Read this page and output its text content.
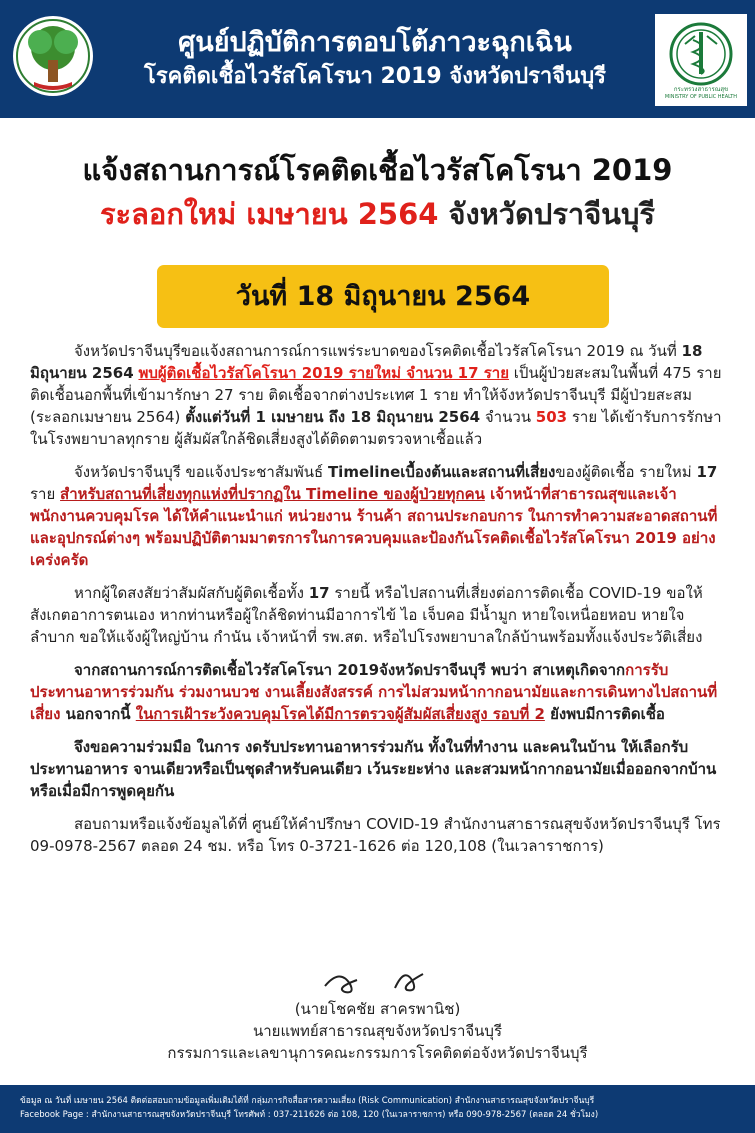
ศูนย์ปฏิบัติการตอบโต้ภาวะฉุกเฉิน
โรคติดเชื้อไวรัสโคโรนา 2019 จังหวัดปราจีนบุรี
กระทรวงสาธารณสุข
MINISTRY OF PUBLIC HEALTH
แจ้งสถานการณ์โรคติดเชื้อไวรัสโคโรนา 2019
ระลอกใหม่ เมษายน 2564 จังหวัดปราจีนบุรี
วันที่ 18 มิถุนายน 2564

จังหวัดปราจีนบุรีขอแจ้งสถานการณ์การแพร่ระบาดของโรคติดเชื้อไวรัสโคโรนา 2019 ณ วันที่ 18 มิถุนายน 2564 พบผู้ติดเชื้อไวรัสโคโรนา 2019 รายใหม่ จำนวน 17 ราย เป็นผู้ป่วยสะสมในพื้นที่ 475 ราย ติดเชื้อนอกพื้นที่เข้ามารักษา 27 ราย ติดเชื้อจากต่างประเทศ 1 ราย ทำให้จังหวัดปราจีนบุรี มีผู้ป่วยสะสม (ระลอกเมษายน 2564) ตั้งแต่วันที่ 1 เมษายน ถึง 18 มิถุนายน 2564 จำนวน 503 ราย ได้เข้ารับการรักษาในโรงพยาบาลทุกราย ผู้สัมผัสใกล้ชิดเสี่ยงสูงได้ติดตามตรวจหาเชื้อแล้ว

จังหวัดปราจีนบุรี ขอแจ้งประชาสัมพันธ์ Timelineเบื้องต้นและสถานที่เสี่ยงของผู้ติดเชื้อ รายใหม่ 17 ราย สำหรับสถานที่เสี่ยงทุกแห่งที่ปรากฏใน Timeline ของผู้ป่วยทุกคน เจ้าหน้าที่สาธารณสุขและเจ้าพนักงานควบคุมโรค ได้ให้คำแนะนำแก่ หน่วยงาน ร้านค้า สถานประกอบการ ในการทำความสะอาดสถานที่และอุปกรณ์ต่างๆ พร้อมปฏิบัติตามมาตรการในการควบคุมและป้องกันโรคติดเชื้อไวรัสโคโรนา 2019 อย่างเคร่งครัด

หากผู้ใดสงสัยว่าสัมผัสกับผู้ติดเชื้อทั้ง 17 รายนี้ หรือไปสถานที่เสี่ยงต่อการติดเชื้อ COVID-19 ขอให้สังเกตอาการตนเอง หากท่านหรือผู้ใกล้ชิดท่านมีอาการไข้ ไอ เจ็บคอ มีน้ำมูก หายใจเหนื่อยหอบ หายใจลำบาก ขอให้แจ้งผู้ใหญ่บ้าน กำนัน เจ้าหน้าที่ รพ.สต. หรือไปโรงพยาบาลใกล้บ้านพร้อมทั้งแจ้งประวัติเสี่ยง

จากสถานการณ์การติดเชื้อไวรัสโคโรนา 2019จังหวัดปราจีนบุรี พบว่า สาเหตุเกิดจากการรับประทานอาหารร่วมกัน ร่วมงานบวช งานเลี้ยงสังสรรค์ การไม่สวมหน้ากากอนามัยและการเดินทางไปสถานที่เสี่ยง นอกจากนี้ ในการเฝ้าระวังควบคุมโรคได้มีการตรวจผู้สัมผัสเสี่ยงสูง รอบที่ 2 ยังพบมีการติดเชื้อ

จึงขอความร่วมมือ ในการ งดรับประทานอาหารร่วมกัน ทั้งในที่ทำงาน และคนในบ้าน ให้เลือกรับประทานอาหาร จานเดียวหรือเป็นชุดสำหรับคนเดียว เว้นระยะห่าง และสวมหน้ากากอนามัยเมื่อออกจากบ้านหรือเมื่อมีการพูดคุยกัน

สอบถามหรือแจ้งข้อมูลได้ที่ ศูนย์ให้คำปรึกษา COVID-19 สำนักงานสาธารณสุขจังหวัดปราจีนบุรี โทร 09-0978-2567 ตลอด 24 ชม. หรือ โทร 0-3721-1626 ต่อ 120,108 (ในเวลาราชการ)

(นายโชคชัย สาครพานิช)
นายแพทย์สาธารณสุขจังหวัดปราจีนบุรี
กรรมการและเลขานุการคณะกรรมการโรคติดต่อจังหวัดปราจีนบุรี
ข้อมูล ณ วันที่ เมษายน 2564 ติดต่อสอบถามข้อมูลเพิ่มเติมได้ที่ กลุ่มภารกิจสื่อสารความเสี่ยง (Risk Communication) สำนักงานสาธารณสุขจังหวัดปราจีนบุรี
Facebook Page : สำนักงานสาธารณสุขจังหวัดปราจีนบุรี โทรศัพท์ : 037-211626 ต่อ 108, 120 (ในเวลาราชการ) หรือ 090-978-2567 (ตลอด 24 ชั่วโมง)
